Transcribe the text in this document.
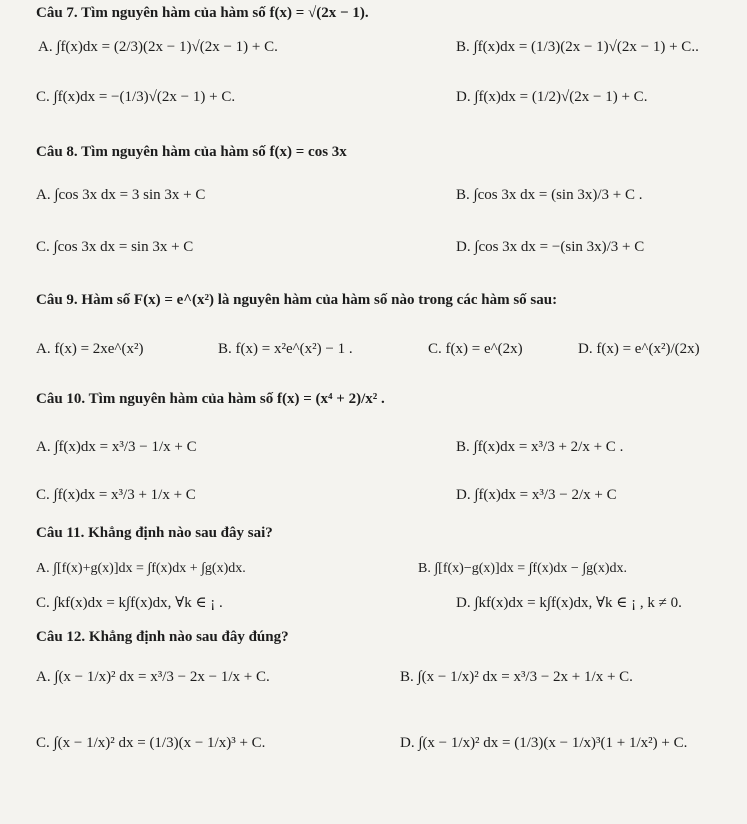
Câu 7. Tìm nguyên hàm của hàm số f(x) = √(2x − 1).
A. ∫f(x)dx = (2/3)(2x − 1)√(2x − 1) + C.	B. ∫f(x)dx = (1/3)(2x − 1)√(2x − 1) + C..
C. ∫f(x)dx = −(1/3)√(2x − 1) + C.	D. ∫f(x)dx = (1/2)√(2x − 1) + C.
Câu 8. Tìm nguyên hàm của hàm số f(x) = cos 3x
A. ∫cos 3x dx = 3 sin 3x + C	B. ∫cos 3x dx = (sin 3x)/3 + C .
C. ∫cos 3x dx = sin 3x + C	D. ∫cos 3x dx = −(sin 3x)/3 + C
Câu 9. Hàm số F(x) = e^(x²) là nguyên hàm của hàm số nào trong các hàm số sau:
A. f(x) = 2xe^(x²)	B. f(x) = x²e^(x²) − 1 .	C. f(x) = e^(2x)	D. f(x) = e^(x²)/(2x)
Câu 10. Tìm nguyên hàm của hàm số f(x) = (x⁴ + 2)/x² .
A. ∫f(x)dx = x³/3 − 1/x + C	B. ∫f(x)dx = x³/3 + 2/x + C .
C. ∫f(x)dx = x³/3 + 1/x + C	D. ∫f(x)dx = x³/3 − 2/x + C
Câu 11. Khẳng định nào sau đây sai?
A. ∫[f(x)+g(x)]dx = ∫f(x)dx + ∫g(x)dx.	B. ∫[f(x)−g(x)]dx = ∫f(x)dx − ∫g(x)dx.
C. ∫kf(x)dx = k∫f(x)dx, ∀k ∈ ¡ .	D. ∫kf(x)dx = k∫f(x)dx, ∀k ∈ ¡ , k ≠ 0.
Câu 12. Khẳng định nào sau đây đúng?
A. ∫(x − 1/x)² dx = x³/3 − 2x − 1/x + C.	B. ∫(x − 1/x)² dx = x³/3 − 2x + 1/x + C.
C. ∫(x − 1/x)² dx = (1/3)(x − 1/x)³ + C.	D. ∫(x − 1/x)² dx = (1/3)(x − 1/x)³(1 + 1/x²) + C.
